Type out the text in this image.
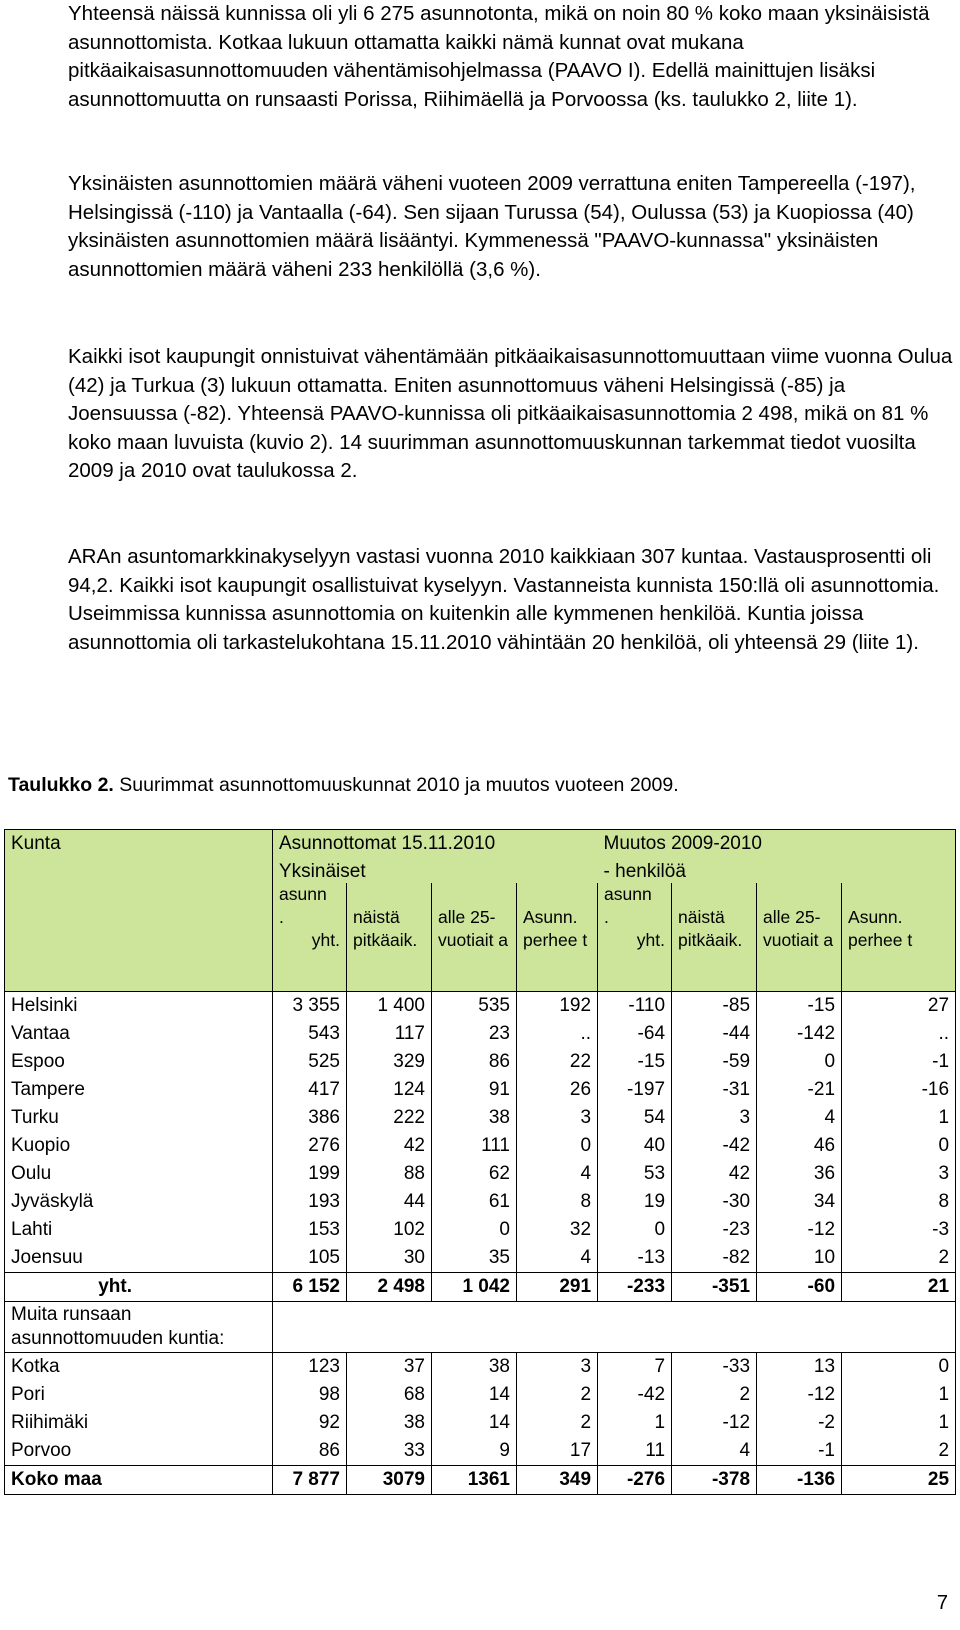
Yhteensä näissä kunnissa oli yli 6 275 asunnotonta, mikä on noin 80 % koko maan yksinäisistä asunnottomista. Kotkaa lukuun ottamatta kaikki nämä kunnat ovat mukana pitkäaikaisasunnottomuuden vähentämisohjelmassa (PAAVO I). Edellä mainittujen lisäksi asunnottomuutta on runsaasti Porissa, Riihimäellä ja Porvoossa (ks. taulukko 2, liite 1).

Yksinäisten asunnottomien määrä väheni vuoteen 2009 verrattuna eniten Tampereella (-197), Helsingissä (-110) ja Vantaalla (-64). Sen sijaan Turussa (54), Oulussa (53) ja Kuopiossa (40) yksinäisten asunnottomien määrä lisääntyi. Kymmenessä "PAAVO-kunnassa" yksinäisten asunnottomien määrä väheni 233 henkilöllä (3,6 %).

Kaikki isot kaupungit onnistuivat vähentämään pitkäaikaisasunnottomuuttaan viime vuonna Oulua (42) ja Turkua (3) lukuun ottamatta. Eniten asunnottomuus väheni Helsingissä (-85) ja Joensuussa (-82). Yhteensä PAAVO-kunnissa oli pitkäaikaisasunnottomia 2 498, mikä on 81 % koko maan luvuista (kuvio 2). 14 suurimman asunnottomuuskunnan tarkemmat tiedot vuosilta 2009 ja 2010 ovat taulukossa 2.

ARAn asuntomarkkinakyselyyn vastasi vuonna 2010 kaikkiaan 307 kuntaa. Vastausprosentti oli 94,2. Kaikki isot kaupungit osallistuivat kyselyyn. Vastanneista kunnista 150:llä oli asunnottomia. Useimmissa kunnissa asunnottomia on kuitenkin alle kymmenen henkilöä. Kuntia joissa asunnottomia oli tarkastelukohtana 15.11.2010 vähintään 20 henkilöä, oli yhteensä 29 (liite 1).

Taulukko 2. Suurimmat asunnottomuuskunnat 2010 ja muutos vuoteen 2009.
Kunta	Asunnottomat 15.11.2010				Muutos 2009-2010			
	Yksinäiset				- henkilöä			

	asunn
.
yht.	näistä pitkäaik.	alle 25-vuotiait a	Asunn. perhee t	asunn
.
yht.	näistä pitkäaik.	alle 25-vuotiait a	Asunn. perhee t
Helsinki	3 355	1 400	535	192	-110	-85	-15	27
Vantaa	543	117	23	..	-64	-44	-142	..
Espoo	525	329	86	22	-15	-59	0	-1
Tampere	417	124	91	26	-197	-31	-21	-16
Turku	386	222	38	3	54	3	4	1
Kuopio	276	42	111	0	40	-42	46	0
Oulu	199	88	62	4	53	42	36	3
Jyväskylä	193	44	61	8	19	-30	34	8
Lahti	153	102	0	32	0	-23	-12	-3
Joensuu	105	30	35	4	-13	-82	10	2
yht.	6 152	2 498	1 042	291	-233	-351	-60	21
Muita runsaan asunnottomuuden kuntia:								
Kotka	123	37	38	3	7	-33	13	0
Pori	98	68	14	2	-42	2	-12	1
Riihimäki	92	38	14	2	1	-12	-2	1
Porvoo	86	33	9	17	11	4	-1	2
Koko maa	7 877	3079	1361	349	-276	-378	-136	25
7
